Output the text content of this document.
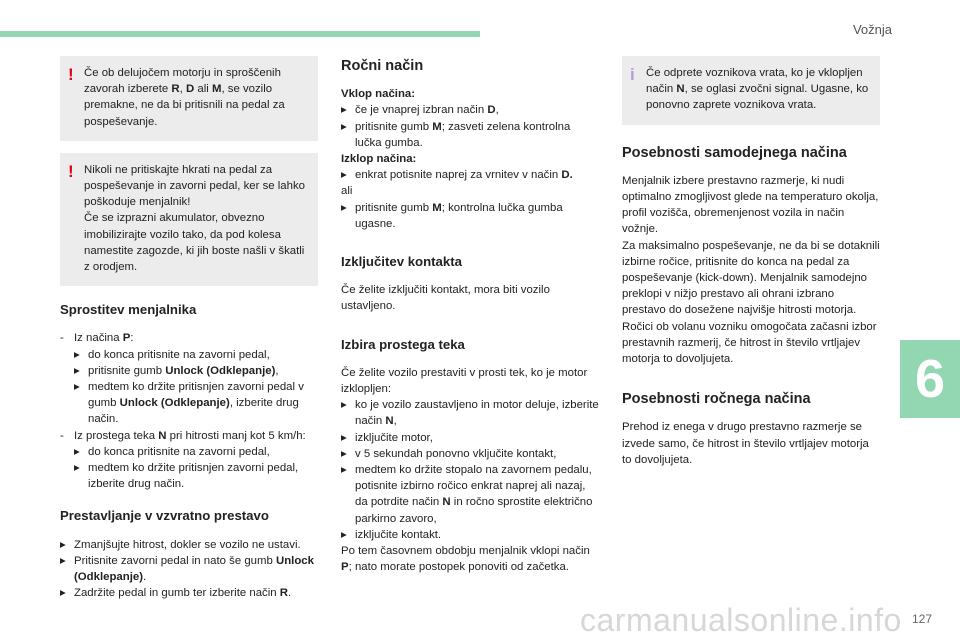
Vožnja
! Če ob delujočem motorju in sproščenih zavorah izberete R, D ali M, se vozilo premakne, ne da bi pritisnili na pedal za pospeševanje.

! Nikoli ne pritiskajte hkrati na pedal za pospeševanje in zavorni pedal, ker se lahko poškoduje menjalnik!

Če se izprazni akumulator, obvezno imobilizirajte vozilo tako, da pod kolesa namestite zagozde, ki jih boste našli v škatli z orodjem.

Sprostitev menjalnika
- Iz načina P:
▸ do konca pritisnite na zavorni pedal,
▸ pritisnite gumb Unlock (Odklepanje),
▸ medtem ko držite pritisnjen zavorni pedal v gumb Unlock (Odklepanje), izberite drug način.
- Iz prostega teka N pri hitrosti manj kot 5 km/h:
▸ do konca pritisnite na zavorni pedal,
▸ medtem ko držite pritisnjen zavorni pedal, izberite drug način.
Prestavljanje v vzvratno prestavo
▸ Zmanjšujte hitrost, dokler se vozilo ne ustavi.
▸ Pritisnite zavorni pedal in nato še gumb Unlock (Odklepanje).
▸ Zadržite pedal in gumb ter izberite način R.
Ročni način

Vklop načina:

▸ če je vnaprej izbran način D,
▸ pritisnite gumb M; zasveti zelena kontrolna lučka gumba.

Izklop načina:

▸ enkrat potisnite naprej za vrnitev v način D.

ali

▸ pritisnite gumb M; kontrolna lučka gumba ugasne.
Izključitev kontakta

Če želite izključiti kontakt, mora biti vozilo ustavljeno.

Izbira prostega teka

Če želite vozilo prestaviti v prosti tek, ko je motor izklopljen:

▸ ko je vozilo zaustavljeno in motor deluje, izberite način N,
▸ izključite motor,
▸ v 5 sekundah ponovno vključite kontakt,
▸ medtem ko držite stopalo na zavornem pedalu, potisnite izbirno ročico enkrat naprej ali nazaj, da potrdite način N in ročno sprostite električno parkirno zavoro,
▸ izključite kontakt.

Po tem časovnem obdobju menjalnik vklopi način P; nato morate postopek ponoviti od začetka.

i Če odprete voznikova vrata, ko je vklopljen način N, se oglasi zvočni signal. Ugasne, ko ponovno zaprete voznikova vrata.

Posebnosti samodejnega načina

Menjalnik izbere prestavno razmerje, ki nudi optimalno zmogljivost glede na temperaturo okolja, profil vozišča, obremenjenost vozila in način vožnje.

Za maksimalno pospeševanje, ne da bi se dotaknili izbirne ročice, pritisnite do konca na pedal za pospeševanje (kick-down). Menjalnik samodejno preklopi v nižjo prestavo ali ohrani izbrano prestavo do dosežene najvišje hitrosti motorja.

Ročici ob volanu vozniku omogočata začasni izbor prestavnih razmerij, če hitrost in število vrtljajev motorja to dovoljujeta.

Posebnosti ročnega načina

Prehod iz enega v drugo prestavno razmerje se izvede samo, če hitrost in število vrtljajev motorja to dovoljujeta.

6
carmanualsonline.info 127
